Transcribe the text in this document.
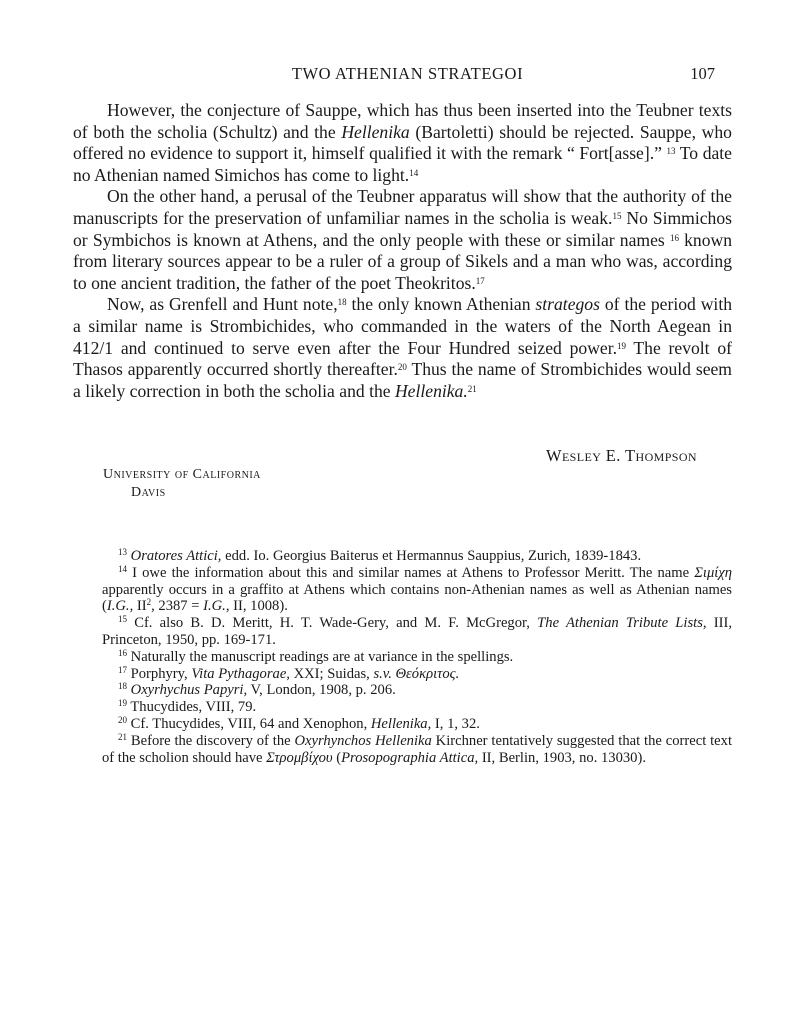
TWO ATHENIAN STRATEGOI	107

However, the conjecture of Sauppe, which has thus been inserted into the Teubner texts of both the scholia (Schultz) and the Hellenika (Bartoletti) should be rejected. Sauppe, who offered no evidence to support it, himself qualified it with the remark “ Fort[asse].” $^{13}$ To date no Athenian named Simichos has come to light.$^{14}$

On the other hand, a perusal of the Teubner apparatus will show that the authority of the manuscripts for the preservation of unfamiliar names in the scholia is weak.$^{15}$ No Simmichos or Symbichos is known at Athens, and the only people with these or similar names $^{16}$ known from literary sources appear to be a ruler of a group of Sikels and a man who was, according to one ancient tradition, the father of the poet Theokritos.$^{17}$

Now, as Grenfell and Hunt note,$^{18}$ the only known Athenian strategos of the period with a similar name is Strombichides, who commanded in the waters of the North Aegean in 412/1 and continued to serve even after the Four Hundred seized power.$^{19}$ The revolt of Thasos apparently occurred shortly thereafter.$^{20}$ Thus the name of Strombichides would seem a likely correction in both the scholia and the Hellenika.$^{21}$

Wesley E. Thompson
University of California
Davis

$^{13}$ Oratores Attici, edd. Io. Georgius Baiterus et Hermannus Sauppius, Zurich, 1839-1843.

$^{14}$ I owe the information about this and similar names at Athens to Professor Meritt. The name Σιμίχη apparently occurs in a graffito at Athens which contains non-Athenian names as well as Athenian names (I.G., $II^2$, 2387 = I.G., II, 1008).

$^{15}$ Cf. also B. D. Meritt, H. T. Wade-Gery, and M. F. McGregor, The Athenian Tribute Lists, III, Princeton, 1950, pp. 169-171.

$^{16}$ Naturally the manuscript readings are at variance in the spellings.

$^{17}$ Porphyry, Vita Pythagorae, XXI; Suidas, s.v. Θεόκριτος.

$^{18}$ Oxyrhychus Papyri, V, London, 1908, p. 206.

$^{19}$ Thucydides, VIII, 79.

$^{20}$ Cf. Thucydides, VIII, 64 and Xenophon, Hellenika, I, 1, 32.

$^{21}$ Before the discovery of the Oxyrhynchos Hellenika Kirchner tentatively suggested that the correct text of the scholion should have Στρομβίχου (Prosopographia Attica, II, Berlin, 1903, no. 13030).
